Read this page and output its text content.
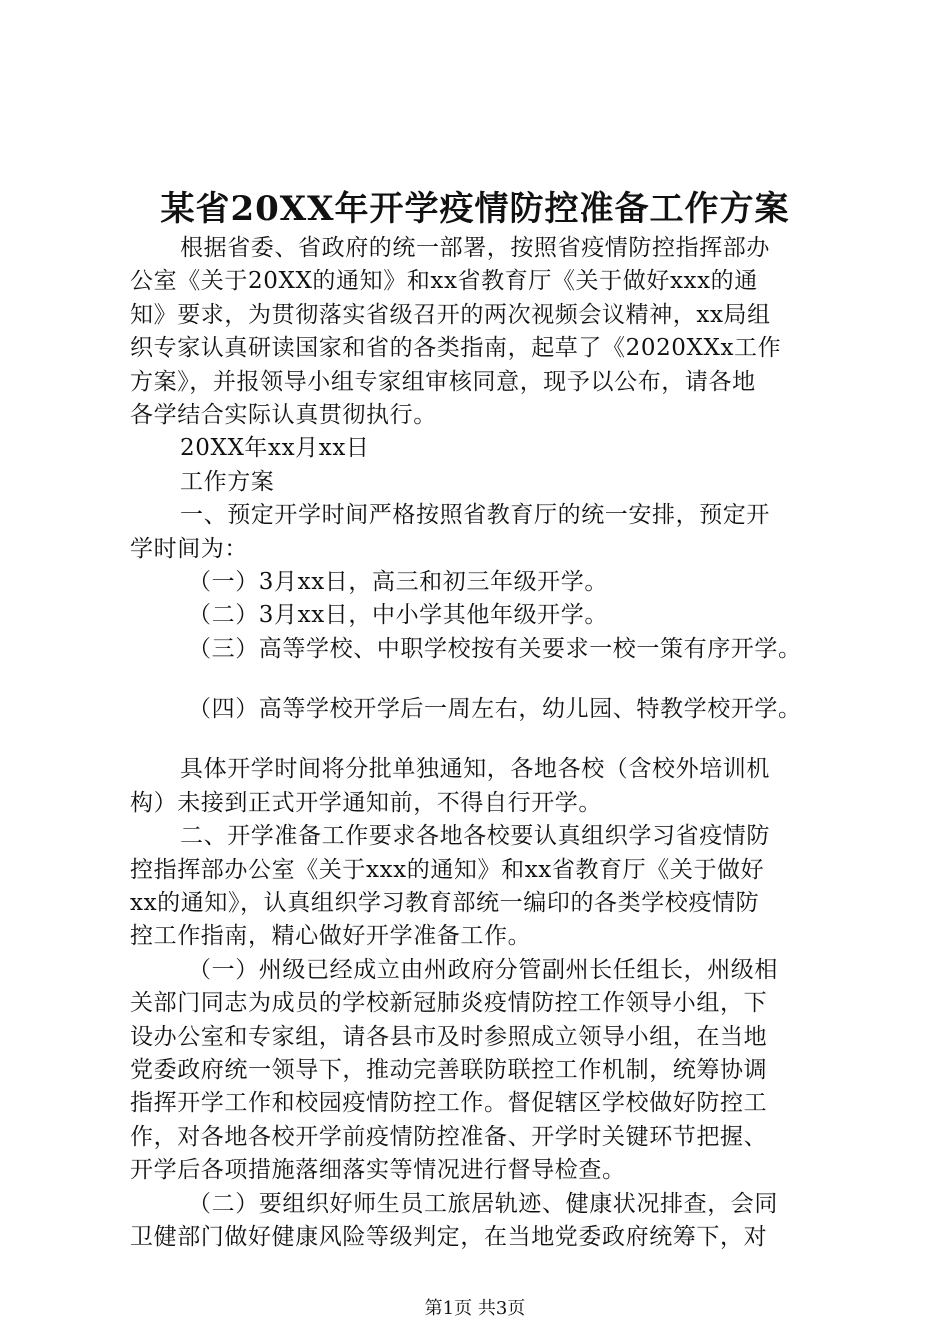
某省20XX年开学疫情防控准备工作方案
根据省委、省政府的统一部署，按照省疫情防控指挥部办
公室《关于20XX的通知》和xx省教育厅《关于做好xxx的通
知》要求，为贯彻落实省级召开的两次视频会议精神，xx局组
织专家认真研读国家和省的各类指南，起草了《2020XXx工作
方案》，并报领导小组专家组审核同意，现予以公布，请各地
各学结合实际认真贯彻执行。
20XX年xx月xx日
工作方案
一、预定开学时间严格按照省教育厅的统一安排，预定开
学时间为：
（一）3月xx日，高三和初三年级开学。
（二）3月xx日，中小学其他年级开学。
（三）高等学校、中职学校按有关要求一校一策有序开学。
（四）高等学校开学后一周左右，幼儿园、特教学校开学。
具体开学时间将分批单独通知，各地各校（含校外培训机
构）未接到正式开学通知前，不得自行开学。
二、开学准备工作要求各地各校要认真组织学习省疫情防
控指挥部办公室《关于xxx的通知》和xx省教育厅《关于做好
xx的通知》，认真组织学习教育部统一编印的各类学校疫情防
控工作指南，精心做好开学准备工作。
（一）州级已经成立由州政府分管副州长任组长，州级相
关部门同志为成员的学校新冠肺炎疫情防控工作领导小组，下
设办公室和专家组，请各县市及时参照成立领导小组，在当地
党委政府统一领导下，推动完善联防联控工作机制，统筹协调
指挥开学工作和校园疫情防控工作。督促辖区学校做好防控工
作，对各地各校开学前疫情防控准备、开学时关键环节把握、
开学后各项措施落细落实等情况进行督导检查。
（二）要组织好师生员工旅居轨迹、健康状况排查，会同
卫健部门做好健康风险等级判定，在当地党委政府统筹下，对
第1页 共3页
